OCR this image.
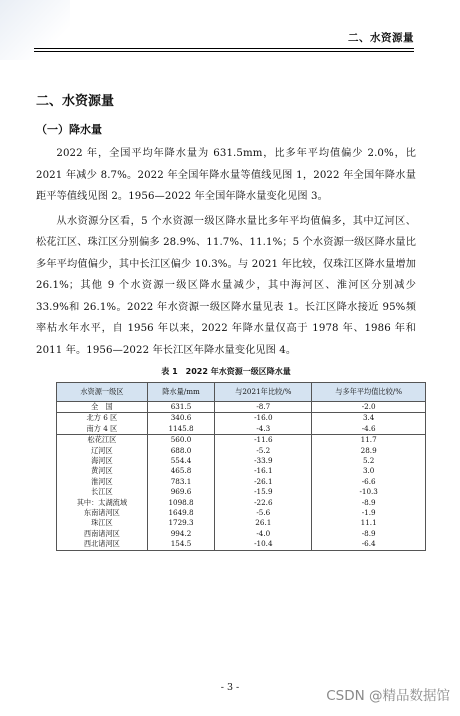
二、水资源量
二、水资源量
（一）降水量

2022 年，全国平均年降水量为 631.5mm，比多年平均值偏少 2.0%，比 2021 年减少 8.7%。2022 年全国年降水量等值线见图 1，2022 年全国年降水量距平等值线见图 2。1956—2022 年全国年降水量变化见图 3。

从水资源分区看，5 个水资源一级区降水量比多年平均值偏多，其中辽河区、松花江区、珠江区分别偏多 28.9%、11.7%、11.1%；5 个水资源一级区降水量比多年平均值偏少，其中长江区偏少 10.3%。与 2021 年比较，仅珠江区降水量增加 26.1%；其他 9 个水资源一级区降水量减少，其中海河区、淮河区分别减少 33.9%和 26.1%。2022 年水资源一级区降水量见表 1。长江区降水接近 95%频率枯水年水平，自 1956 年以来，2022 年降水量仅高于 1978 年、1986 年和 2011 年。1956—2022 年长江区年降水量变化见图 4。

表 1　2022 年水资源一级区降水量
水资源一级区	降水量/mm	与2021年比较/%	与多年平均值比较/%
全　国	631.5	-8.7	-2.0
北方 6 区	340.6	-16.0	3.4
南方 4 区	1145.8	-4.3	-4.6
松花江区	560.0	-11.6	11.7
辽河区	688.0	-5.2	28.9
海河区	554.4	-33.9	5.2
黄河区	465.8	-16.1	3.0
淮河区	783.1	-26.1	-6.6
长江区	969.6	-15.9	-10.3
其中：太湖流域	1098.8	-22.6	-8.9
东南诸河区	1649.8	-5.6	-1.9
珠江区	1729.3	26.1	11.1
西南诸河区	994.2	-4.0	-8.9
西北诸河区	154.5	-10.4	-6.4
- 3 -
CSDN @精品数据馆
